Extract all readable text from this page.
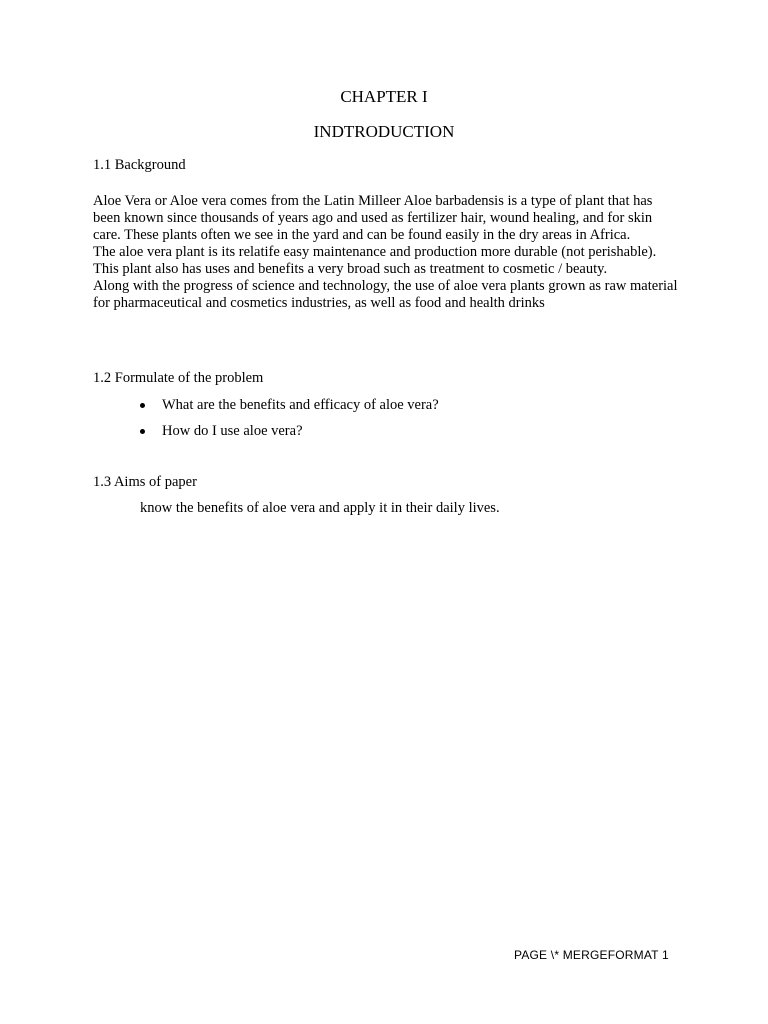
CHAPTER I
INDTRODUCTION
1.1 Background

Aloe Vera or Aloe vera comes from the Latin Milleer Aloe barbadensis is a type of plant that has been known since thousands of years ago and used as fertilizer hair, wound healing, and for skin care. These plants often we see in the yard and can be found easily in the dry areas in Africa.

The aloe vera plant is its relatife easy maintenance and production more durable (not perishable). This plant also has uses and benefits a very broad such as treatment to cosmetic / beauty.

Along with the progress of science and technology, the use of aloe vera plants grown as raw material for pharmaceutical and cosmetics industries, as well as food and health drinks

1.2 Formulate of the problem
What are the benefits and efficacy of aloe vera?
How do I use aloe vera?
1.3 Aims of paper
know the benefits of aloe vera and apply it in their daily lives.
PAGE \* MERGEFORMAT 1
